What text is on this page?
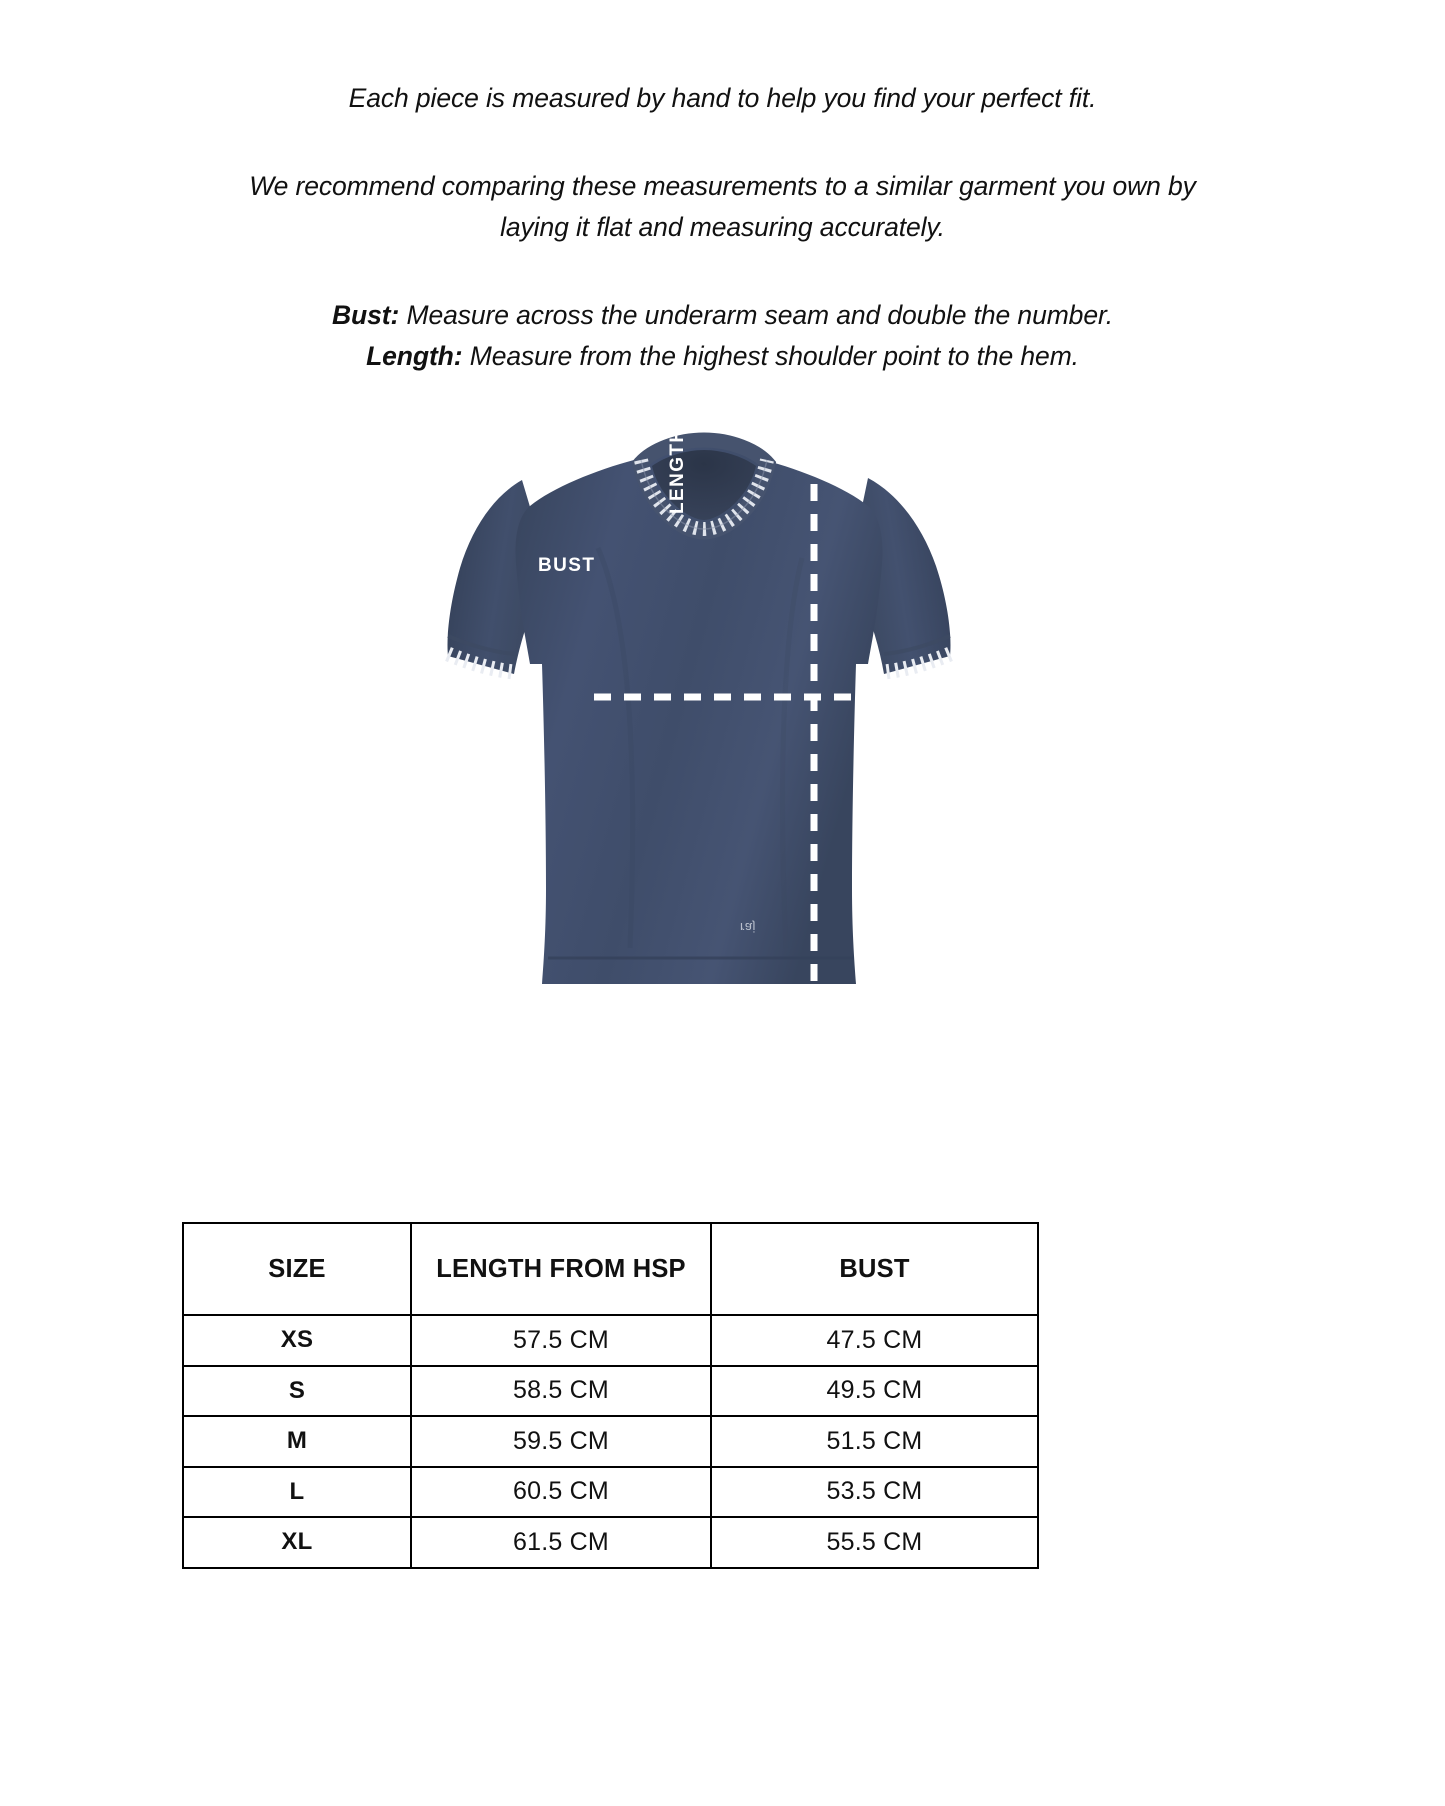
Each piece is measured by hand to help you find your perfect fit.

We recommend comparing these measurements to a similar garment you own by laying it flat and measuring accurately.

Bust: Measure across the underarm seam and double the number.

Length: Measure from the highest shoulder point to the hem.

BUST
LENGTH
raj
SIZE	LENGTH FROM HSP	BUST
XS	57.5 CM	47.5 CM
S	58.5 CM	49.5 CM
M	59.5 CM	51.5 CM
L	60.5 CM	53.5 CM
XL	61.5 CM	55.5 CM
